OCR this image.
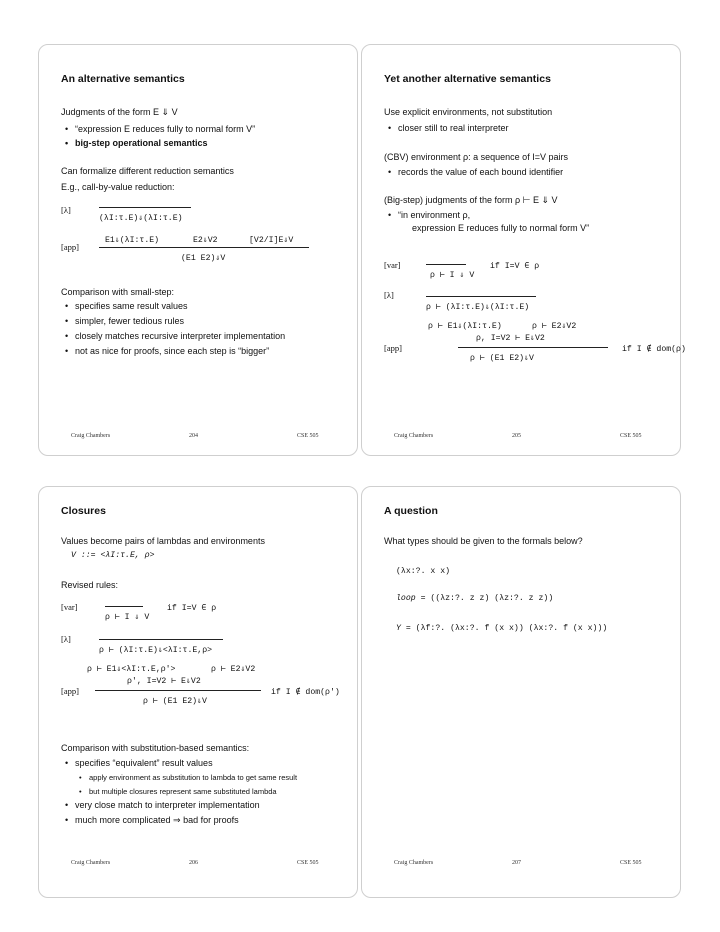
An alternative semantics
Judgments of the form E ⇓ V
• “expression E reduces fully to normal form V”
• big-step operational semantics
Can formalize different reduction semantics
E.g., call-by-value reduction:
[λ]
(λI:τ.E)⇓(λI:τ.E)
E1⇓(λI:τ.E)	E2⇓V2	[V2/I]E⇓V
[app]
(E1 E2)⇓V
Comparison with small-step:
• specifies same result values
• simpler, fewer tedious rules
• closely matches recursive interpreter implementation
• not as nice for proofs, since each step is “bigger”
Craig Chambers	204	CSE 505
Yet another alternative semantics
Use explicit environments, not substitution
• closer still to real interpreter
(CBV) environment ρ: a sequence of I=V pairs
• records the value of each bound identifier
(Big-step) judgments of the form ρ ⊢ E ⇓ V
• “in environment ρ,
expression E reduces fully to normal form V”
[var]	if I=V ∈ ρ
ρ ⊢ I ⇓ V
[λ]
ρ ⊢ (λI:τ.E)⇓(λI:τ.E)
ρ ⊢ E1⇓(λI:τ.E)	ρ ⊢ E2⇓V2
ρ, I=V2 ⊢ E⇓V2
[app]	if I ∉ dom(ρ)
ρ ⊢ (E1 E2)⇓V
Craig Chambers	205	CSE 505
Closures
Values become pairs of lambdas and environments
V ::= <λI:τ.E, ρ>
Revised rules:
[var]	if I=V ∈ ρ
ρ ⊢ I ⇓ V
[λ]
ρ ⊢ (λI:τ.E)⇓<λI:τ.E,ρ>
ρ ⊢ E1⇓<λI:τ.E,ρ'>	ρ ⊢ E2⇓V2
ρ', I=V2 ⊢ E⇓V2
[app]	if I ∉ dom(ρ')
ρ ⊢ (E1 E2)⇓V
Comparison with substitution-based semantics:
• specifies “equivalent” result values
• apply environment as substitution to lambda to get same result
• but multiple closures represent same substituted lambda
• very close match to interpreter implementation
• much more complicated ⇒ bad for proofs
Craig Chambers	206	CSE 505
A question
What types should be given to the formals below?
(λx:?. x x)
loop = ((λz:?. z z) (λz:?. z z))
Y = (λf:?. (λx:?. f (x x)) (λx:?. f (x x)))
Craig Chambers	207	CSE 505
